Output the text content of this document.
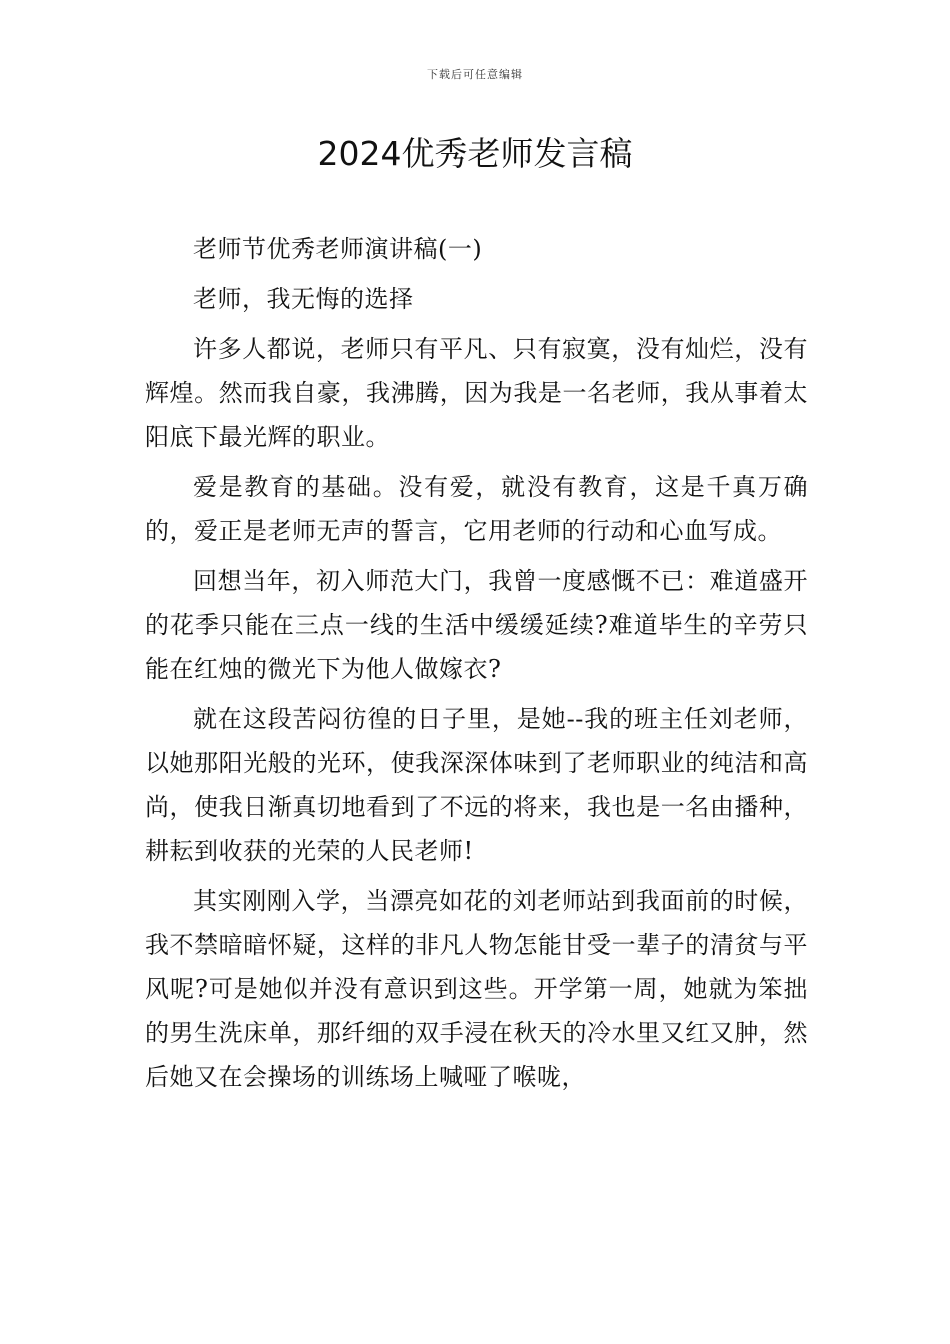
下载后可任意编辑
2024优秀老师发言稿

老师节优秀老师演讲稿(一)

老师，我无悔的选择

许多人都说，老师只有平凡、只有寂寞，没有灿烂，没有辉煌。然而我自豪，我沸腾，因为我是一名老师，我从事着太阳底下最光辉的职业。

爱是教育的基础。没有爱，就没有教育，这是千真万确的，爱正是老师无声的誓言，它用老师的行动和心血写成。

回想当年，初入师范大门，我曾一度感慨不已：难道盛开的花季只能在三点一线的生活中缓缓延续?难道毕生的辛劳只能在红烛的微光下为他人做嫁衣?

就在这段苦闷彷徨的日子里，是她--我的班主任刘老师，以她那阳光般的光环，使我深深体味到了老师职业的纯洁和高尚，使我日渐真切地看到了不远的将来，我也是一名由播种，耕耘到收获的光荣的人民老师!

其实刚刚入学，当漂亮如花的刘老师站到我面前的时候，我不禁暗暗怀疑，这样的非凡人物怎能甘受一辈子的清贫与平风呢?可是她似并没有意识到这些。开学第一周，她就为笨拙的男生洗床单，那纤细的双手浸在秋天的冷水里又红又肿，然后她又在会操场的训练场上喊哑了喉咙，
